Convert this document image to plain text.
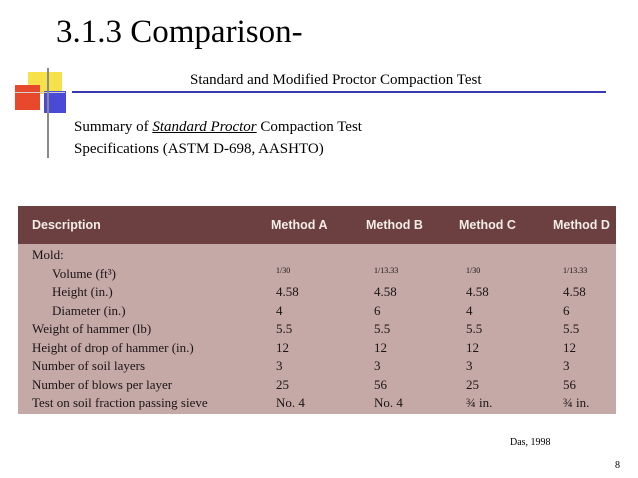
3.1.3 Comparison-
Standard and Modified Proctor Compaction Test
Summary of Standard Proctor Compaction Test
Specifications (ASTM D-698, AASHTO)
Description	Method A	Method B	Method C	Method D
Mold:
Volume (ft³)	1/30	1/13.33	1/30	1/13.33
Height (in.)	4.58	4.58	4.58	4.58
Diameter (in.)	4	6	4	6
Weight of hammer (lb)	5.5	5.5	5.5	5.5
Height of drop of hammer (in.)	12	12	12	12
Number of soil layers	3	3	3	3
Number of blows per layer	25	56	25	56
Test on soil fraction passing sieve	No. 4	No. 4	¾ in.	¾ in.
Das, 1998
8
